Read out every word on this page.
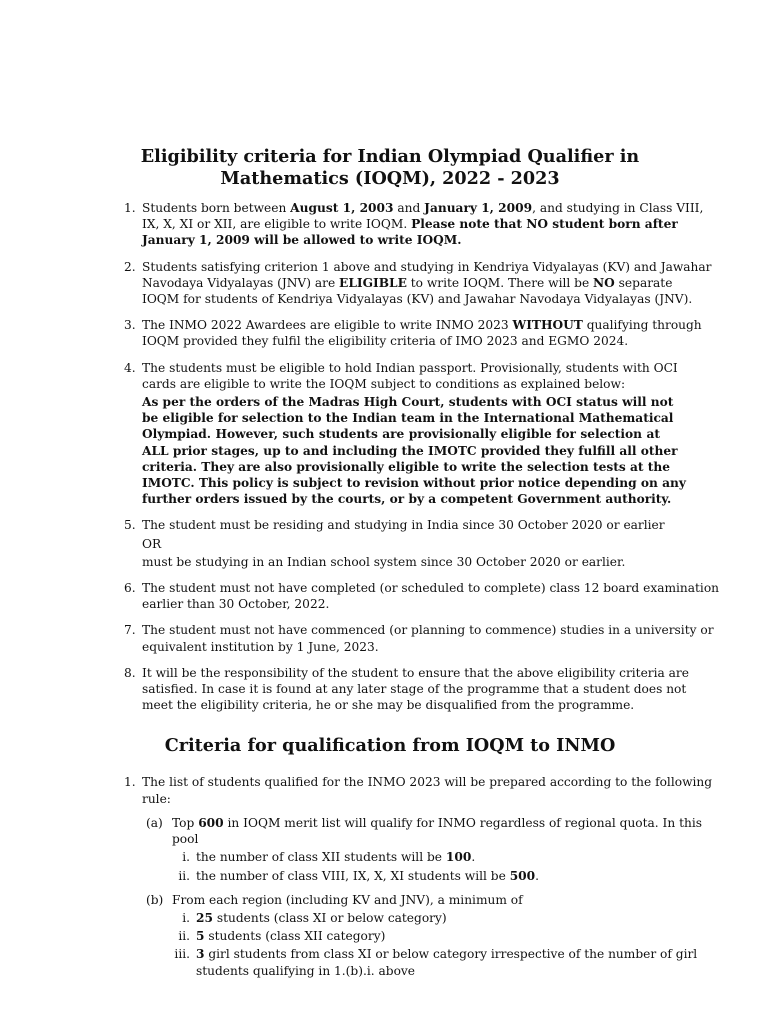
Eligibility criteria for Indian Olympiad Qualifier in
Mathematics (IOQM), 2022 - 2023
1. Students born between August 1, 2003 and January 1, 2009, and studying in Class VIII,
IX, X, XI or XII, are eligible to write IOQM. Please note that NO student born after
January 1, 2009 will be allowed to write IOQM.
2. Students satisfying criterion 1 above and studying in Kendriya Vidyalayas (KV) and Jawahar
Navodaya Vidyalayas (JNV) are ELIGIBLE to write IOQM. There will be NO separate
IOQM for students of Kendriya Vidyalayas (KV) and Jawahar Navodaya Vidyalayas (JNV).
3. The INMO 2022 Awardees are eligible to write INMO 2023 WITHOUT qualifying through
IOQM provided they fulfil the eligibility criteria of IMO 2023 and EGMO 2024.
4. The students must be eligible to hold Indian passport. Provisionally, students with OCI
cards are eligible to write the IOQM subject to conditions as explained below:
As per the orders of the Madras High Court, students with OCI status will not
be eligible for selection to the Indian team in the International Mathematical
Olympiad. However, such students are provisionally eligible for selection at
ALL prior stages, up to and including the IMOTC provided they fulfill all other
criteria. They are also provisionally eligible to write the selection tests at the
IMOTC. This policy is subject to revision without prior notice depending on any
further orders issued by the courts, or by a competent Government authority.
5. The student must be residing and studying in India since 30 October 2020 or earlier
OR
must be studying in an Indian school system since 30 October 2020 or earlier.
6. The student must not have completed (or scheduled to complete) class 12 board examination
earlier than 30 October, 2022.
7. The student must not have commenced (or planning to commence) studies in a university or
equivalent institution by 1 June, 2023.
8. It will be the responsibility of the student to ensure that the above eligibility criteria are
satisfied. In case it is found at any later stage of the programme that a student does not
meet the eligibility criteria, he or she may be disqualified from the programme.
Criteria for qualification from IOQM to INMO
1. The list of students qualified for the INMO 2023 will be prepared according to the following
rule:
(a) Top 600 in IOQM merit list will qualify for INMO regardless of regional quota. In this
pool
i. the number of class XII students will be 100.
ii. the number of class VIII, IX, X, XI students will be 500.
(b) From each region (including KV and JNV), a minimum of
i. 25 students (class XI or below category)
ii. 5 students (class XII category)
iii. 3 girl students from class XI or below category irrespective of the number of girl
students qualifying in 1.(b).i. above
